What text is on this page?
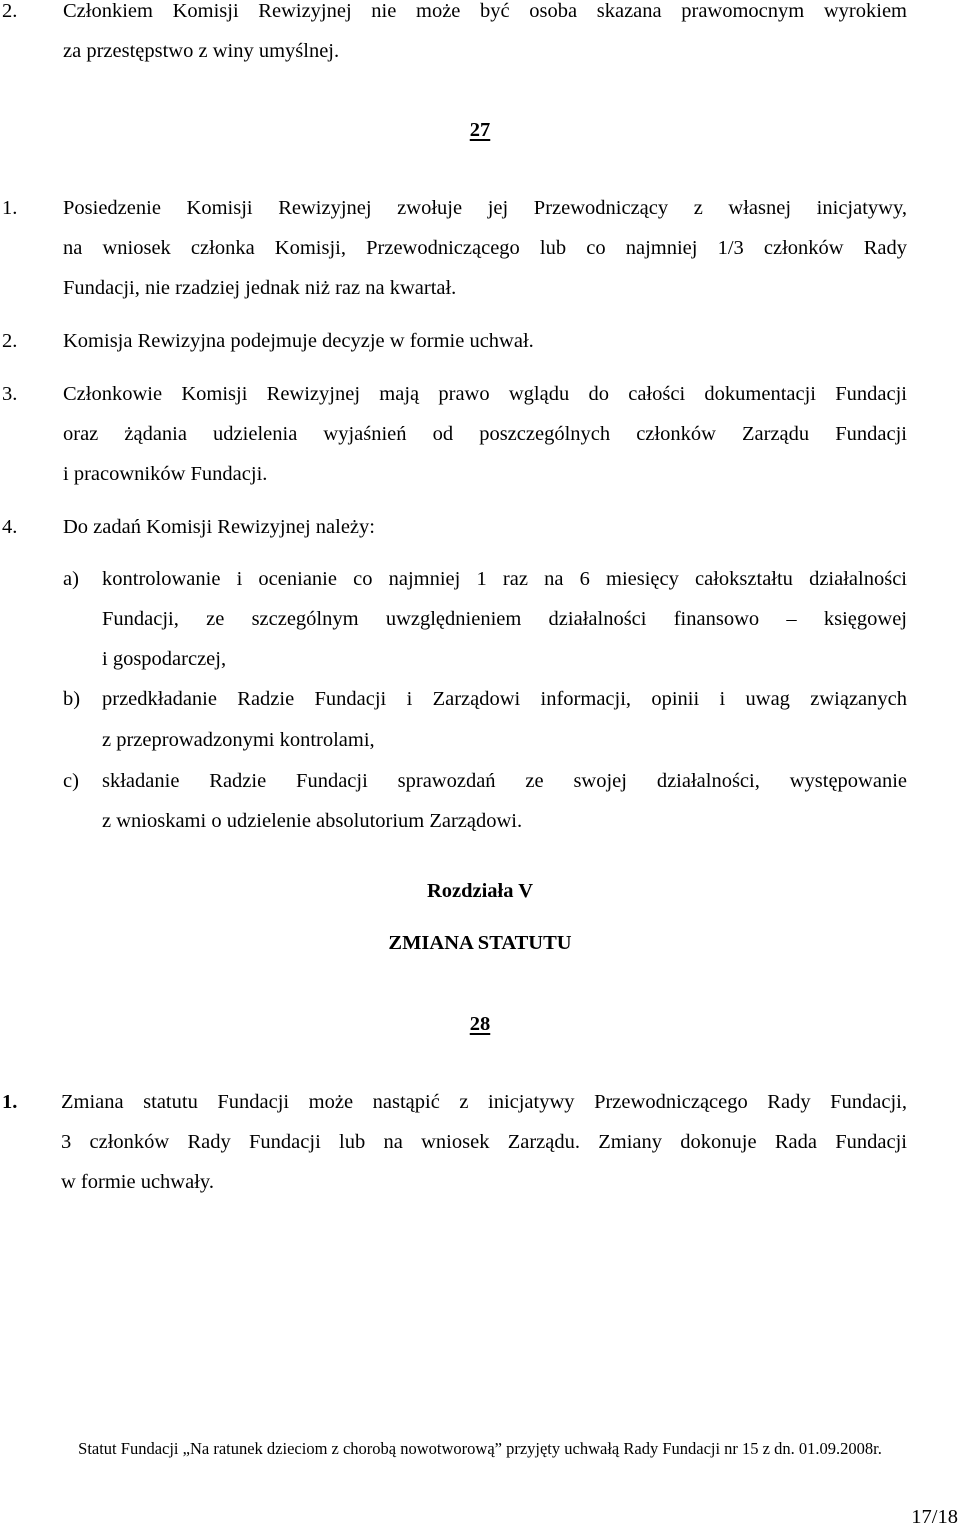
2. Członkiem Komisji Rewizyjnej nie może być osoba skazana prawomocnym wyrokiem
za przestępstwo z winy umyślnej.
27
1. Posiedzenie Komisji Rewizyjnej zwołuje jej Przewodniczący z własnej inicjatywy,
na wniosek członka Komisji, Przewodniczącego lub co najmniej 1/3 członków Rady
Fundacji, nie rzadziej jednak niż raz na kwartał.
2. Komisja Rewizyjna podejmuje decyzje w formie uchwał.
3. Członkowie Komisji Rewizyjnej mają prawo wglądu do całości dokumentacji Fundacji
oraz żądania udzielenia wyjaśnień od poszczególnych członków Zarządu Fundacji
i pracowników Fundacji.
4. Do zadań Komisji Rewizyjnej należy:
a) kontrolowanie i ocenianie co najmniej 1 raz na 6 miesięcy całokształtu działalności
Fundacji, ze szczególnym uwzględnieniem działalności finansowo – księgowej
i gospodarczej,
b) przedkładanie Radzie Fundacji i Zarządowi informacji, opinii i uwag związanych
z przeprowadzonymi kontrolami,
c) składanie Radzie Fundacji sprawozdań ze swojej działalności, występowanie
z wnioskami o udzielenie absolutorium Zarządowi.
Rozdziała V
ZMIANA STATUTU
28
1. Zmiana statutu Fundacji może nastąpić z inicjatywy Przewodniczącego Rady Fundacji,
3 członków Rady Fundacji lub na wniosek Zarządu. Zmiany dokonuje Rada Fundacji
w formie uchwały.
Statut Fundacji „Na ratunek dzieciom z chorobą nowotworową” przyjęty uchwałą Rady Fundacji nr 15 z dn. 01.09.2008r.
17/18
